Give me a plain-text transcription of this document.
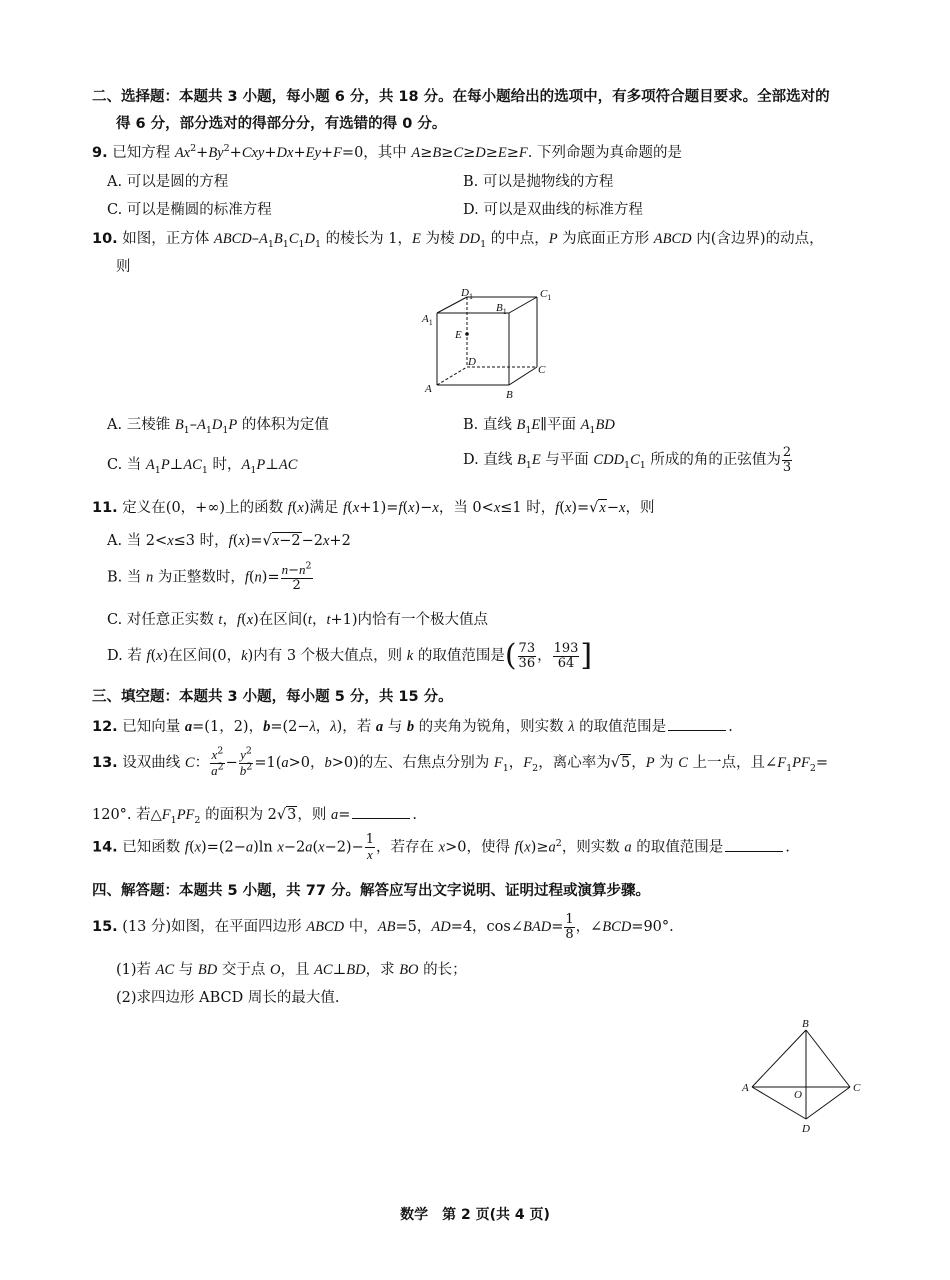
二、选择题：本题共 3 小题，每小题 6 分，共 18 分。在每小题给出的选项中，有多项符合题目要求。全部选对的
得 6 分，部分选对的得部分分，有选错的得 0 分。
9. 已知方程 $Ax^2+By^2+Cxy+Dx+Ey+F=0$，其中 A≥B≥C≥D≥E≥F. 下列命题为真命题的是
A. 可以是圆的方程	B. 可以是抛物线的方程
C. 可以是椭圆的标准方程	D. 可以是双曲线的标准方程
10. 如图，正方体 ABCD–$A_1B_1C_1D_1$ 的棱长为 1，E 为棱 $DD_1$ 的中点，P 为底面正方形 ABCD 内(含边界)的动点，
则
$D_1$	$C_1$
$A_1$
$B_1$
E
D
C
A	B
A. 三棱锥 $B_1-A_1D_1P$ 的体积为定值	B. 直线 $B_1E\parallel$平面 $A_1BD$
C. 当 $A_1P\perp AC_1$ 时，$A_1P\perp AC$	D. 直线 $B_1E$ 与平面 $CDD_1C_1$ 所成的角的正弦值为 $\frac{2}{3}$
11. 定义在(0，+∞)上的函数 f(x)满足 f(x+1)=f(x)−x，当 0<x≤1 时，f(x)=√x−x，则
A. 当 2<x≤3 时，f(x)=√x−2−2x+2
B. 当 n 为正整数时，$f(n)= \frac{n-n^2}{2}$
C. 对任意正实数 t，f(x)在区间(t，t+1)内恰有一个极大值点
D. 若 f(x)在区间(0，k)内有 3 个极大值点，则 k 的取值范围是( $\frac{73}{36}$ ， $\frac{193}{64}$ ]
三、填空题：本题共 3 小题，每小题 5 分，共 15 分。
12. 已知向量 a=(1，2)，b=(2−λ，λ)，若 a 与 b 的夹角为锐角，则实数 λ 的取值范围是	.
13. 设双曲线 C： $\frac{x^2}{a^2} - \frac{y^2}{b^2} =1(a>0$，b>0)的左、右焦点分别为 $F_1$，$F_2$，离心率为√5，P 为 C 上一点，且$\angle F_1PF_2=$
120°. 若$\triangle F_1PF_2$ 的面积为 2√3，则 a=	.
14. 已知函数 f(x)=(2−a)ln $x-2a(x-2)- \frac{1}{x}$ ，若存在 x>0，使得 $f(x)\ge a^2$，则实数 a 的取值范围是	.
四、解答题：本题共 5 小题，共 77 分。解答应写出文字说明、证明过程或演算步骤。
15. (13 分)如图，在平面四边形 ABCD 中，AB=5，AD=4，cos∠BAD= $\frac{1}{8}$ ，∠BCD=90°.
(1)若 AC 与 BD 交于点 O，且 AC⊥BD，求 BO 的长；
(2)求四边形 ABCD 周长的最大值.
B
A
O
C
D
数学　第 2 页(共 4 页)
